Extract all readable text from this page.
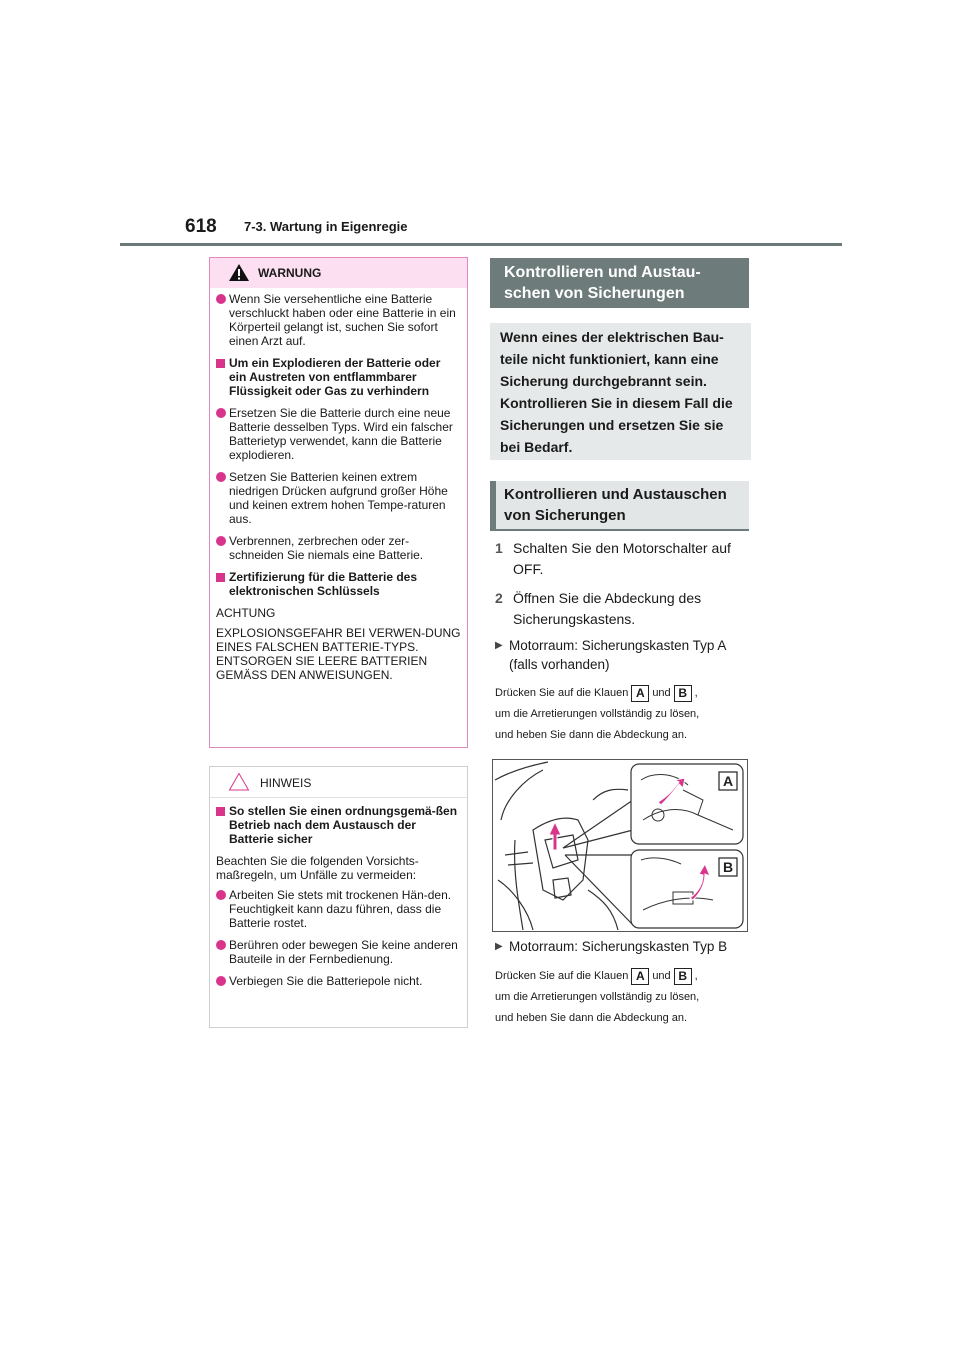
618 7-3. Wartung in Eigenregie
WARNUNG
Wenn Sie versehentliche eine Batterie verschluckt haben oder eine Batterie in ein Körperteil gelangt ist, suchen Sie sofort einen Arzt auf.
Um ein Explodieren der Batterie oder ein Austreten von entflammbarer Flüssigkeit oder Gas zu verhindern
Ersetzen Sie die Batterie durch eine neue Batterie desselben Typs. Wird ein falscher Batterietyp verwendet, kann die Batterie explodieren.
Setzen Sie Batterien keinen extrem niedrigen Drücken aufgrund großer Höhe und keinen extrem hohen Tempe-raturen aus.
Verbrennen, zerbrechen oder zer-schneiden Sie niemals eine Batterie.
Zertifizierung für die Batterie des elektronischen Schlüssels
ACHTUNG
EXPLOSIONSGEFAHR BEI VERWEN-DUNG EINES FALSCHEN BATTERIE-TYPS. ENTSORGEN SIE LEERE BATTERIEN GEMÄSS DEN ANWEISUNGEN.
HINWEIS
So stellen Sie einen ordnungsgemä-ßen Betrieb nach dem Austausch der Batterie sicher
Beachten Sie die folgenden Vorsichts-maßregeln, um Unfälle zu vermeiden:
Arbeiten Sie stets mit trockenen Hän-den. Feuchtigkeit kann dazu führen, dass die Batterie rostet.
Berühren oder bewegen Sie keine anderen Bauteile in der Fernbedienung.
Verbiegen Sie die Batteriepole nicht.
Kontrollieren und Austau-schen von Sicherungen
Wenn eines der elektrischen Bau-teile nicht funktioniert, kann eine Sicherung durchgebrannt sein. Kontrollieren Sie in diesem Fall die Sicherungen und ersetzen Sie sie bei Bedarf.
Kontrollieren und Austauschen von Sicherungen
1 Schalten Sie den Motorschalter auf OFF.
2 Öffnen Sie die Abdeckung des Sicherungskastens.
▶ Motorraum: Sicherungskasten Typ A (falls vorhanden)
Drücken Sie auf die Klauen A und B ,
um die Arretierungen vollständig zu lösen,
und heben Sie dann die Abdeckung an.
A
B
▶ Motorraum: Sicherungskasten Typ B
Drücken Sie auf die Klauen A und B ,
um die Arretierungen vollständig zu lösen,
und heben Sie dann die Abdeckung an.
